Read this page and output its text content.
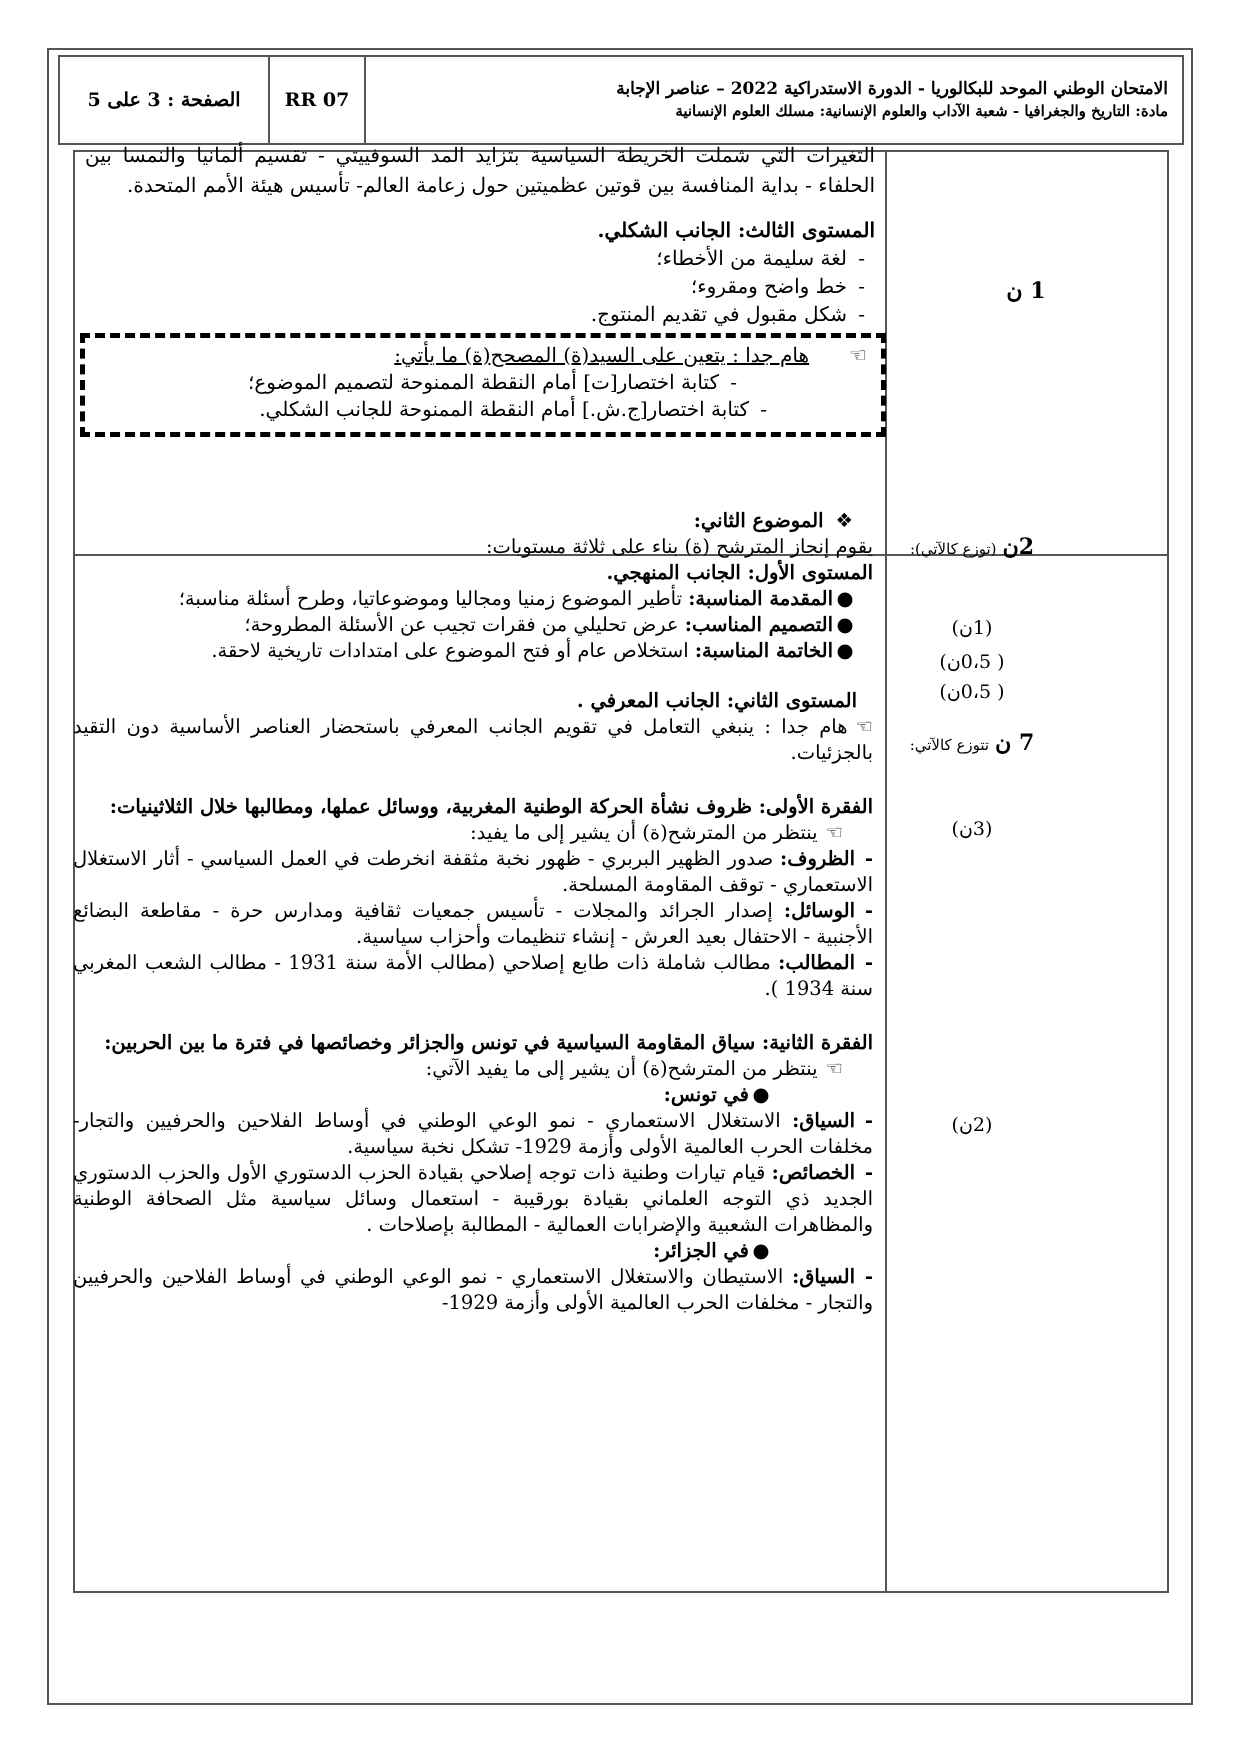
الصفحة : 3 على 5	RR 07	الامتحان الوطني الموحد للبكالوريا - الدورة الاستدراكية 2022 – عناصر الإجابة
مادة: التاريخ والجغرافيا - شعبة الآداب والعلوم الإنسانية: مسلك العلوم الإنسانية

التغيرات التي شملت الخريطة السياسية بتزايد المد السوفييتي - تقسيم ألمانيا والنمسا بين الحلفاء - بداية المنافسة بين قوتين عظميتين حول زعامة العالم- تأسيس هيئة الأمم المتحدة.

المستوى الثالث: الجانب الشكلي.

-لغة سليمة من الأخطاء؛

-خط واضح ومقروء؛

-شكل مقبول في تقديم المنتوج.

1 ن

☜هام جدا : يتعين على السيد(ة) المصحح(ة) ما يأتي:

-كتابة اختصار[ت] أمام النقطة الممنوحة لتصميم الموضوع؛

-كتابة اختصار[ج.ش.] أمام النقطة الممنوحة للجانب الشكلي.

❖الموضوع الثاني:

يقوم إنجاز المترشح (ة) بناء على ثلاثة مستويات:

المستوى الأول: الجانب المنهجي.

●المقدمة المناسبة: تأطير الموضوع زمنيا ومجاليا وموضوعاتيا، وطرح أسئلة مناسبة؛

●التصميم المناسب: عرض تحليلي من فقرات تجيب عن الأسئلة المطروحة؛

●الخاتمة المناسبة: استخلاص عام أو فتح الموضوع على امتدادات تاريخية لاحقة.

المستوى الثاني: الجانب المعرفي .

☜هام جدا : ينبغي التعامل في تقويم الجانب المعرفي باستحضار العناصر الأساسية دون التقيد بالجزئيات.

الفقرة الأولى: ظروف نشأة الحركة الوطنية المغربية، ووسائل عملها، ومطالبها خلال الثلاثينيات:

☜ينتظر من المترشح(ة) أن يشير إلى ما يفيد:

-الظروف: صدور الظهير البربري - ظهور نخبة مثقفة انخرطت في العمل السياسي - أثار الاستغلال الاستعماري - توقف المقاومة المسلحة.

-الوسائل: إصدار الجرائد والمجلات - تأسيس جمعيات ثقافية ومدارس حرة - مقاطعة البضائع الأجنبية - الاحتفال بعيد العرش - إنشاء تنظيمات وأحزاب سياسية.

-المطالب: مطالب شاملة ذات طابع إصلاحي (مطالب الأمة سنة 1931 - مطالب الشعب المغربي سنة 1934 ).

الفقرة الثانية: سياق المقاومة السياسية في تونس والجزائر وخصائصها في فترة ما بين الحربين:

☜ينتظر من المترشح(ة) أن يشير إلى ما يفيد الآتي:

●في تونس:

-السياق: الاستغلال الاستعماري - نمو الوعي الوطني في أوساط الفلاحين والحرفيين والتجار- مخلفات الحرب العالمية الأولى وأزمة 1929- تشكل نخبة سياسية.

-الخصائص: قيام تيارات وطنية ذات توجه إصلاحي بقيادة الحزب الدستوري الأول والحزب الدستوري الجديد ذي التوجه العلماني بقيادة بورقيبة - استعمال وسائل سياسية مثل الصحافة الوطنية والمظاهرات الشعبية والإضرابات العمالية - المطالبة بإصلاحات .

●في الجزائر:

-السياق: الاستيطان والاستغلال الاستعماري - نمو الوعي الوطني في أوساط الفلاحين والحرفيين والتجار - مخلفات الحرب العالمية الأولى وأزمة 1929-

2ن (توزع كالآتي):
(1ن)
( 0،5ن)
( 0،5ن)
7 ن تتوزع كالآتي:
(3ن)
(2ن)
